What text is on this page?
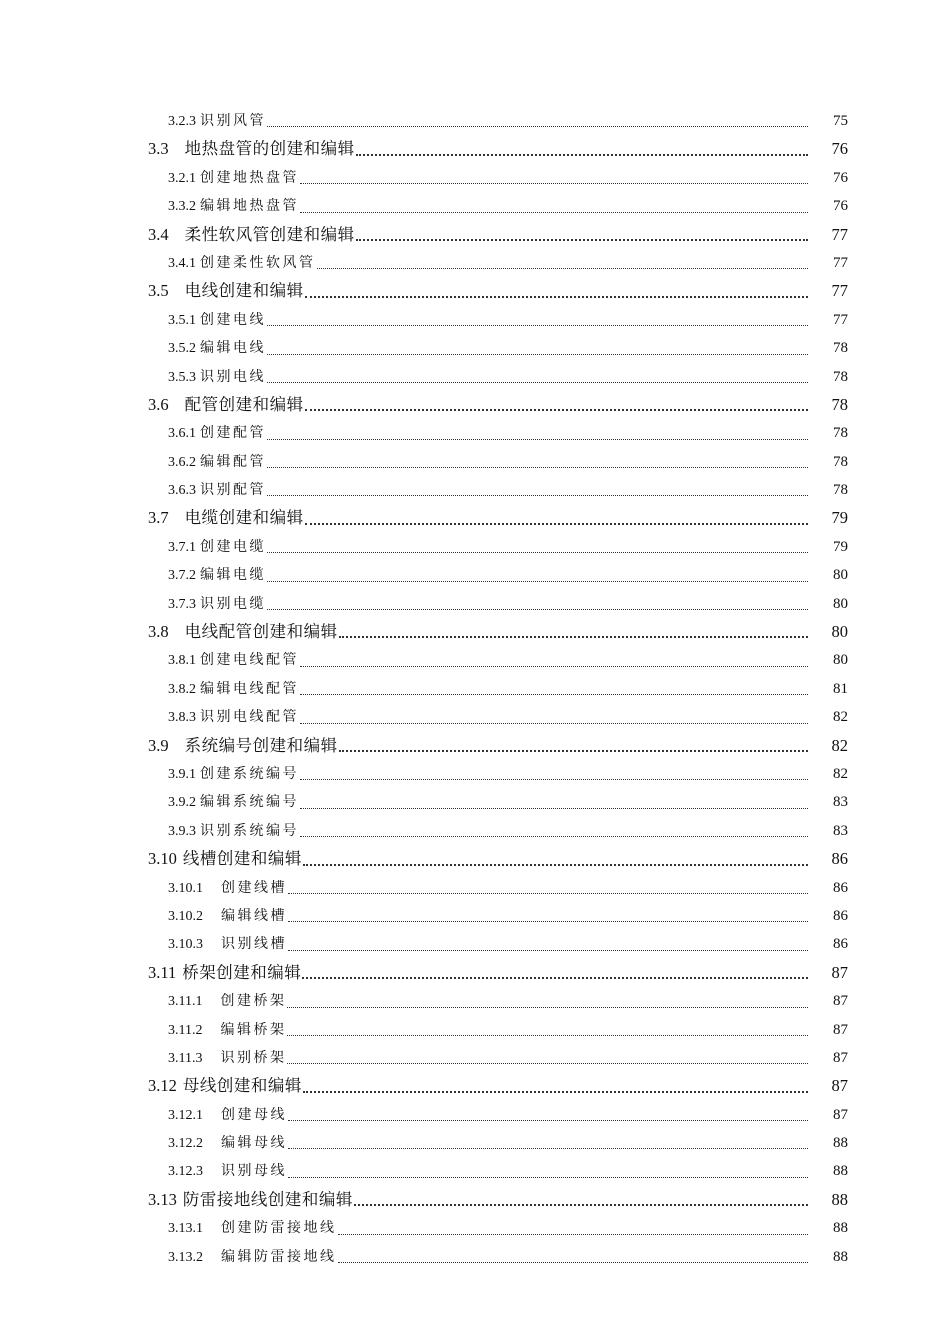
3.2.3 识别风管	75
3.3 地热盘管的创建和编辑	76
3.2.1 创建地热盘管	76
3.3.2 编辑地热盘管	76
3.4 柔性软风管创建和编辑	77
3.4.1 创建柔性软风管	77
3.5 电线创建和编辑	77
3.5.1 创建电线	77
3.5.2 编辑电线	78
3.5.3 识别电线	78
3.6 配管创建和编辑	78
3.6.1 创建配管	78
3.6.2 编辑配管	78
3.6.3 识别配管	78
3.7 电缆创建和编辑	79
3.7.1 创建电缆	79
3.7.2 编辑电缆	80
3.7.3 识别电缆	80
3.8 电线配管创建和编辑	80
3.8.1 创建电线配管	80
3.8.2 编辑电线配管	81
3.8.3 识别电线配管	82
3.9 系统编号创建和编辑	82
3.9.1 创建系统编号	82
3.9.2 编辑系统编号	83
3.9.3 识别系统编号	83
3.10 线槽创建和编辑	86
3.10.1 创建线槽	86
3.10.2 编辑线槽	86
3.10.3 识别线槽	86
3.11 桥架创建和编辑	87
3.11.1 创建桥架	87
3.11.2 编辑桥架	87
3.11.3 识别桥架	87
3.12 母线创建和编辑	87
3.12.1 创建母线	87
3.12.2 编辑母线	88
3.12.3 识别母线	88
3.13 防雷接地线创建和编辑	88
3.13.1 创建防雷接地线	88
3.13.2 编辑防雷接地线	88
